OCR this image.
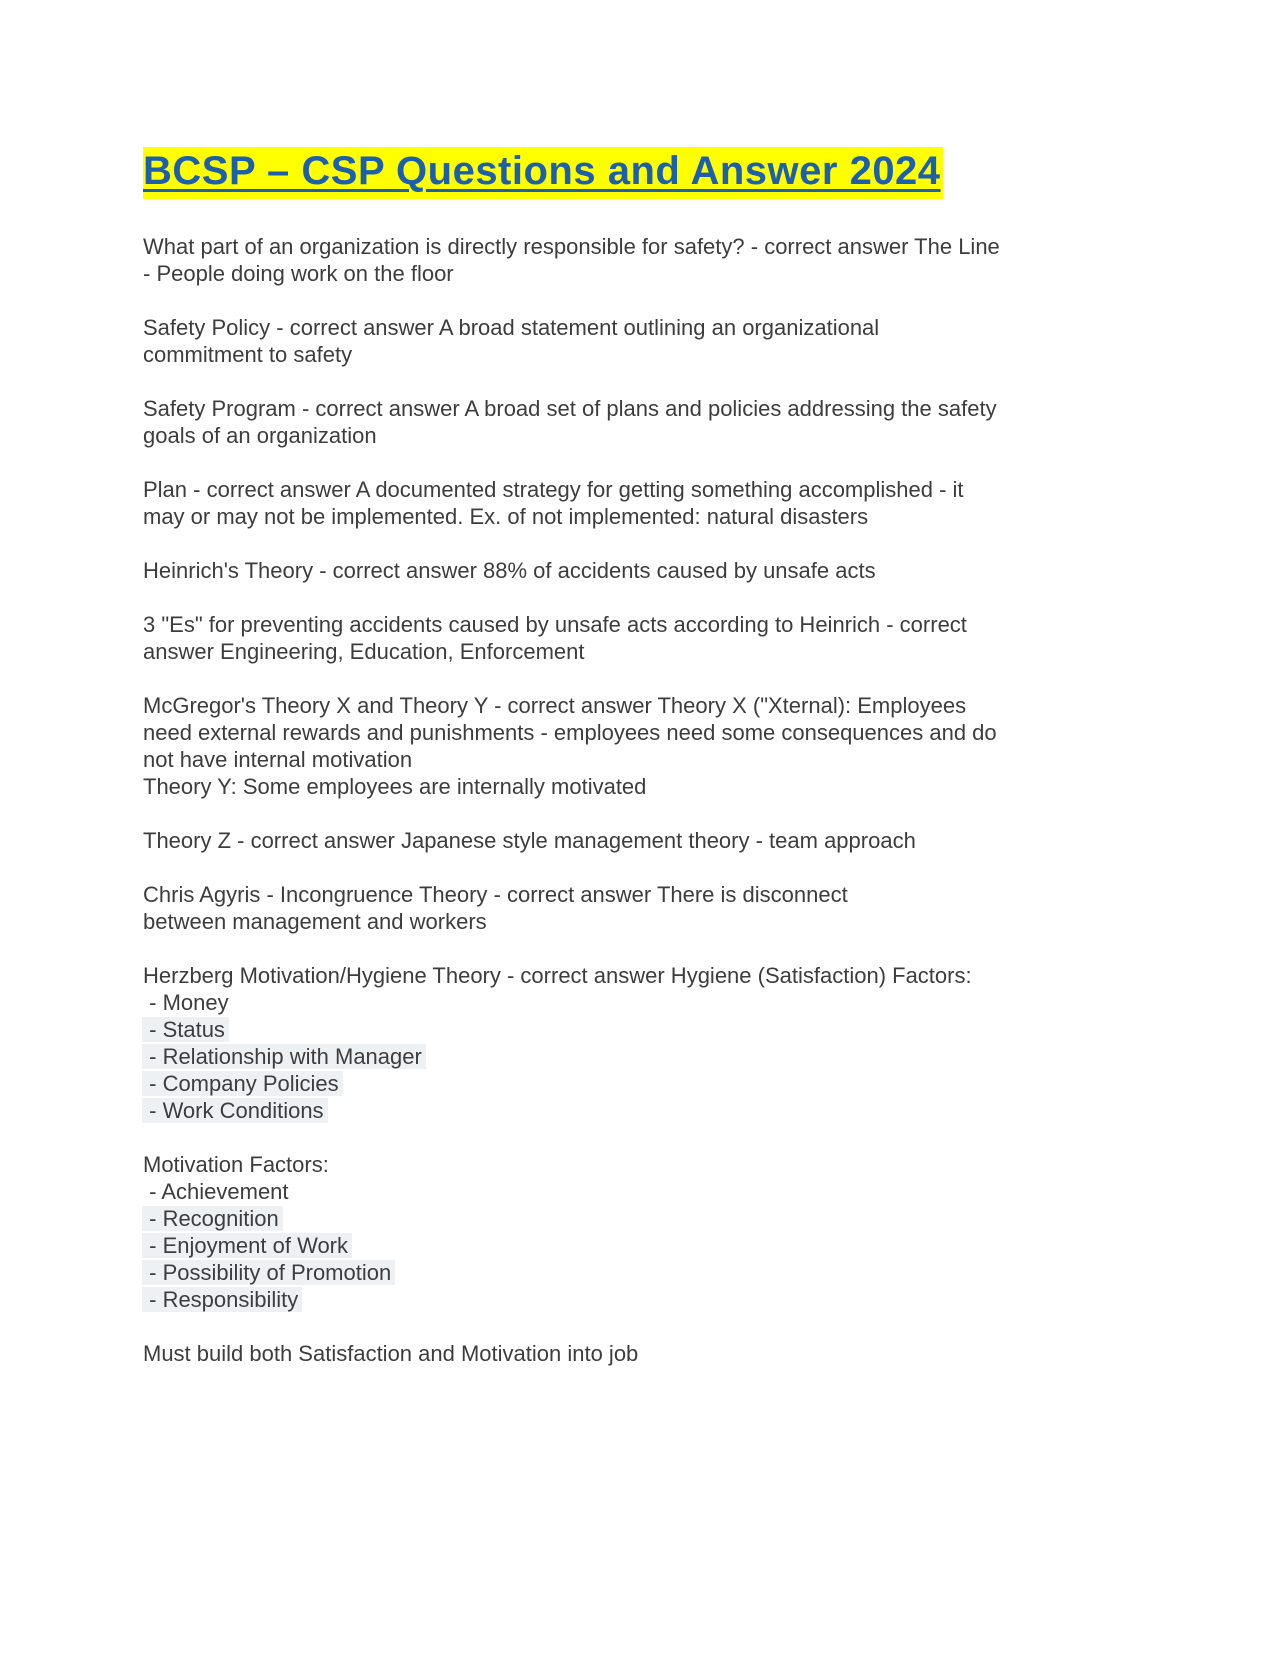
BCSP – CSP Questions and Answer 2024

What part of an organization is directly responsible for safety? - correct answer The Line
- People doing work on the floor

Safety Policy - correct answer A broad statement outlining an organizational
commitment to safety

Safety Program - correct answer A broad set of plans and policies addressing the safety
goals of an organization

Plan - correct answer A documented strategy for getting something accomplished - it
may or may not be implemented. Ex. of not implemented: natural disasters

Heinrich's Theory - correct answer 88% of accidents caused by unsafe acts

3 "Es" for preventing accidents caused by unsafe acts according to Heinrich - correct
answer Engineering, Education, Enforcement

McGregor's Theory X and Theory Y - correct answer Theory X ("Xternal): Employees
need external rewards and punishments - employees need some consequences and do
not have internal motivation
Theory Y: Some employees are internally motivated

Theory Z - correct answer Japanese style management theory - team approach

Chris Agyris - Incongruence Theory - correct answer There is disconnect
between management and workers

Herzberg Motivation/Hygiene Theory - correct answer Hygiene (Satisfaction) Factors:
- Money
- Status
- Relationship with Manager
- Company Policies
- Work Conditions

Motivation Factors:
- Achievement
- Recognition
- Enjoyment of Work
- Possibility of Promotion
- Responsibility

Must build both Satisfaction and Motivation into job
